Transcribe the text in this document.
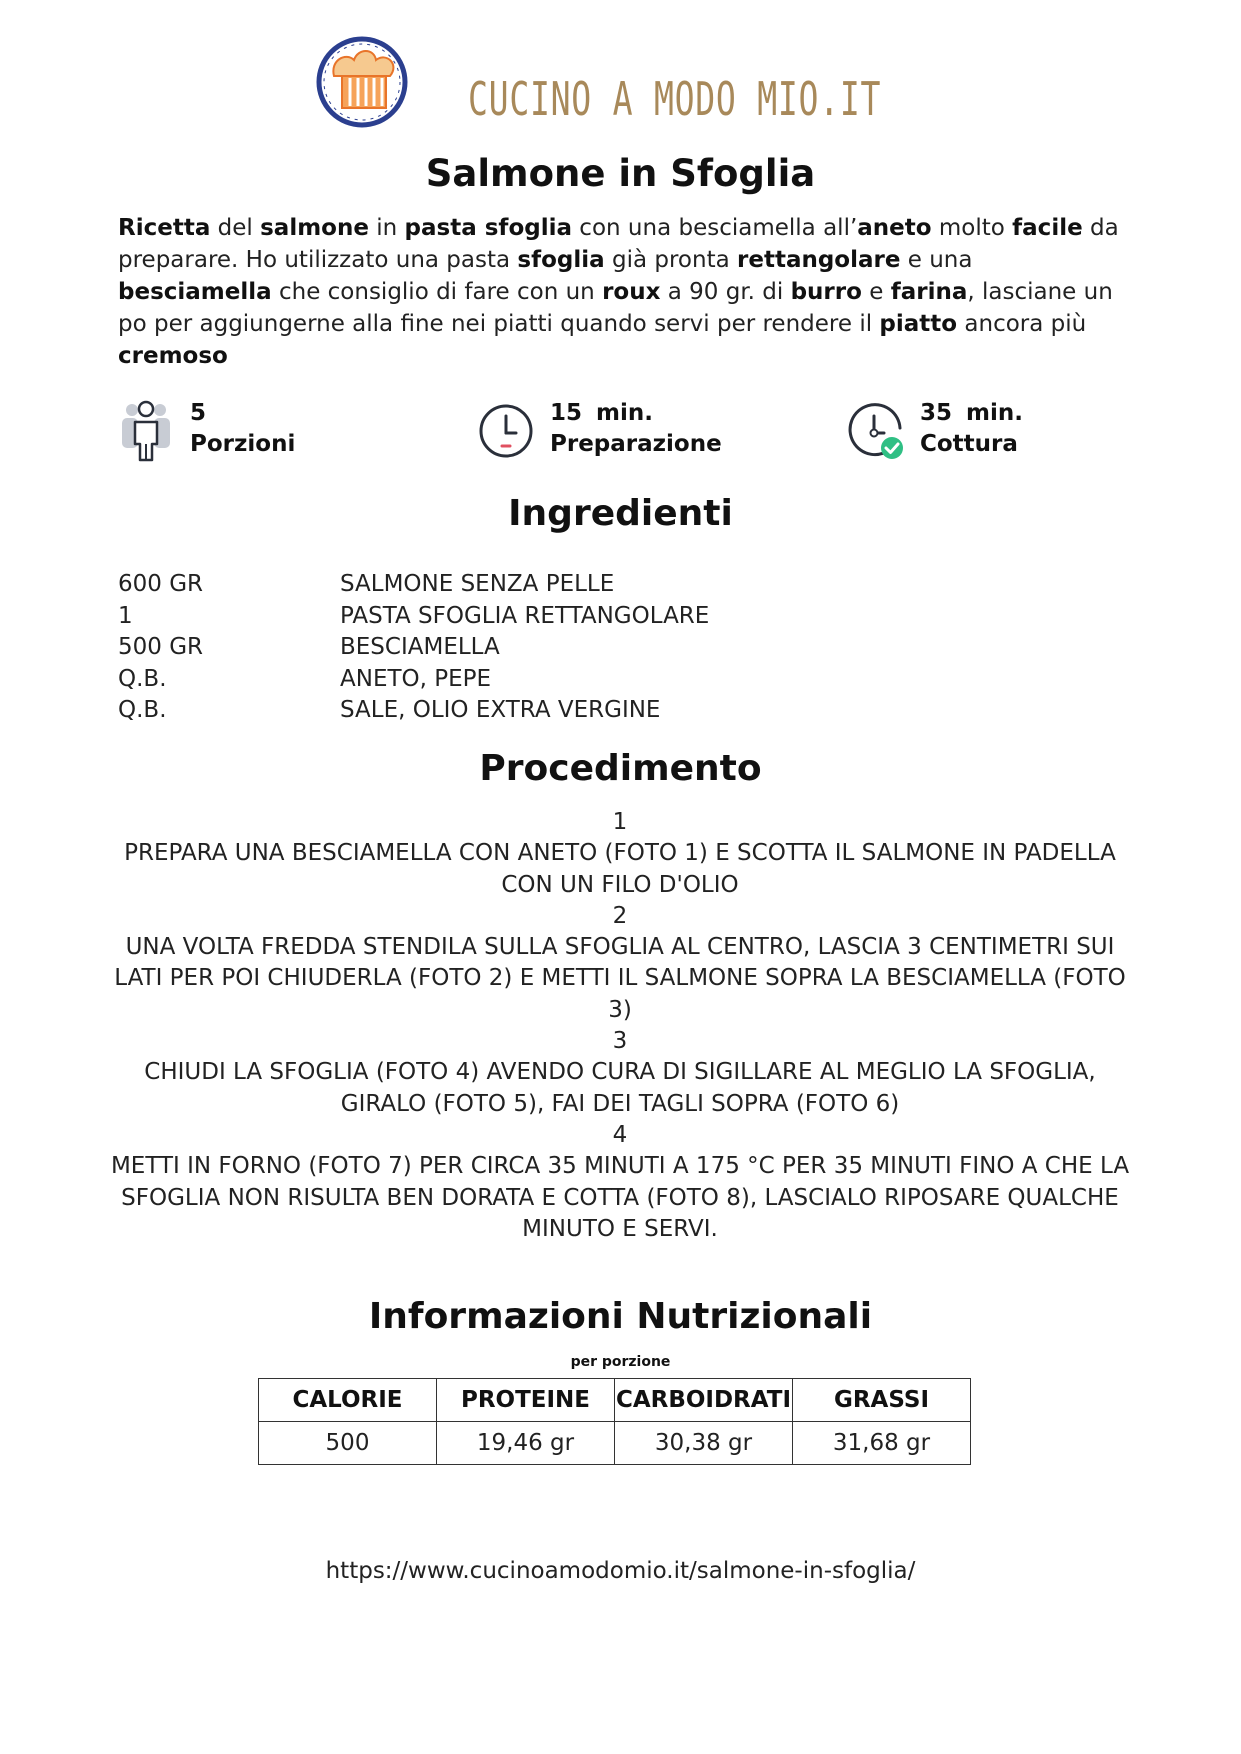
CUCINO A MODO MIO.IT
Salmone in Sfoglia
Ricetta del salmone in pasta sfoglia con una besciamella all’aneto molto facile da preparare. Ho utilizzato una pasta sfoglia già pronta rettangolare e una besciamella che consiglio di fare con un roux a 90 gr. di burro e farina, lasciane un po per aggiungerne alla fine nei piatti quando servi per rendere il piatto ancora più cremoso
5
Porzioni
15 min.
Preparazione
35 min.
Cottura
Ingredienti
600 GR	SALMONE SENZA PELLE
1	PASTA SFOGLIA RETTANGOLARE
500 GR	BESCIAMELLA
Q.B.	ANETO, PEPE
Q.B.	SALE, OLIO EXTRA VERGINE
Procedimento
1
PREPARA UNA BESCIAMELLA CON ANETO (FOTO 1) E SCOTTA IL SALMONE IN PADELLA CON UN FILO D'OLIO
2
UNA VOLTA FREDDA STENDILA SULLA SFOGLIA AL CENTRO, LASCIA 3 CENTIMETRI SUI LATI PER POI CHIUDERLA (FOTO 2) E METTI IL SALMONE SOPRA LA BESCIAMELLA (FOTO 3)
3
CHIUDI LA SFOGLIA (FOTO 4) AVENDO CURA DI SIGILLARE AL MEGLIO LA SFOGLIA, GIRALO (FOTO 5), FAI DEI TAGLI SOPRA (FOTO 6)
4
METTI IN FORNO (FOTO 7) PER CIRCA 35 MINUTI A 175 °C PER 35 MINUTI FINO A CHE LA SFOGLIA NON RISULTA BEN DORATA E COTTA (FOTO 8), LASCIALO RIPOSARE QUALCHE MINUTO E SERVI.
Informazioni Nutrizionali
per porzione
CALORIE	PROTEINE	CARBOIDRATI	GRASSI
500	19,46 gr	30,38 gr	31,68 gr
https://www.cucinoamodomio.it/salmone-in-sfoglia/
